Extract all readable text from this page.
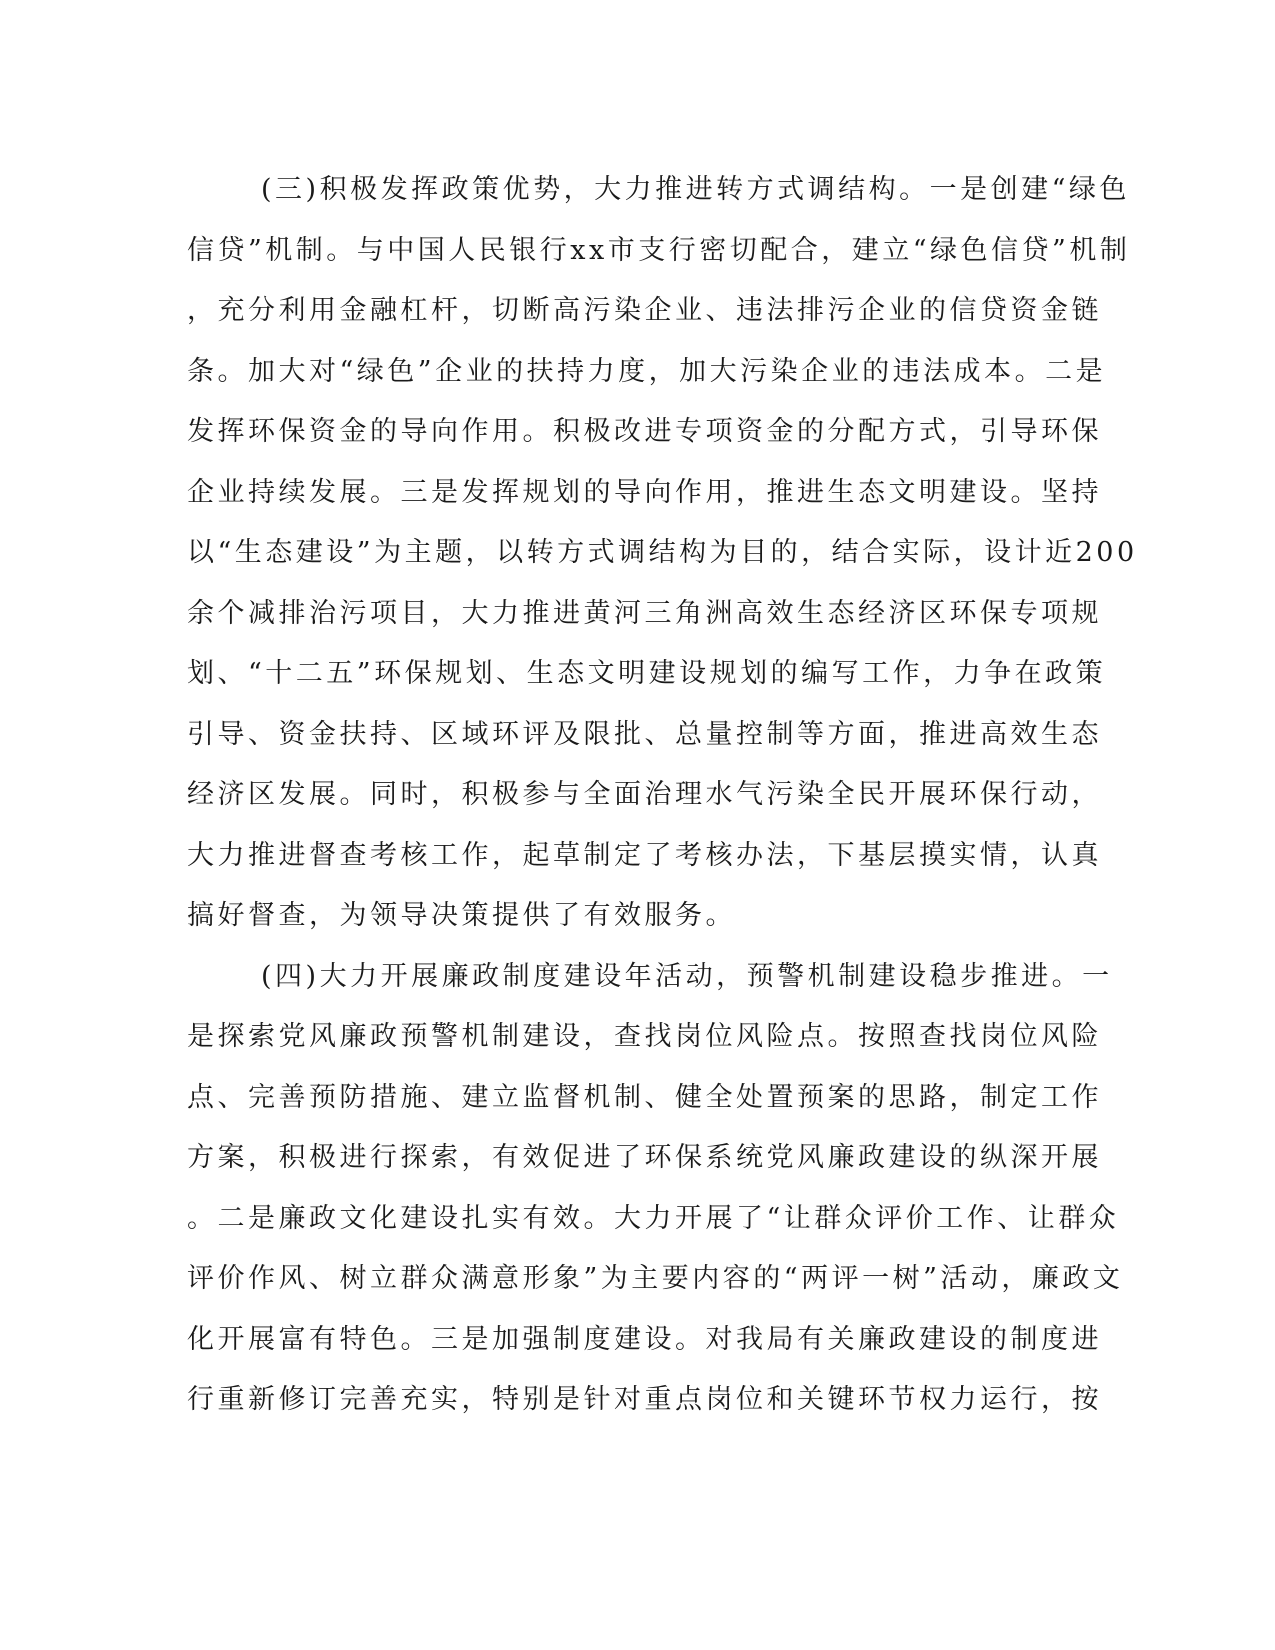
(三)积极发挥政策优势，大力推进转方式调结构。一是创建“绿色
信贷”机制。与中国人民银行xx市支行密切配合，建立“绿色信贷”机制
，充分利用金融杠杆，切断高污染企业、违法排污企业的信贷资金链
条。加大对“绿色”企业的扶持力度，加大污染企业的违法成本。二是
发挥环保资金的导向作用。积极改进专项资金的分配方式，引导环保
企业持续发展。三是发挥规划的导向作用，推进生态文明建设。坚持
以“生态建设”为主题，以转方式调结构为目的，结合实际，设计近200
余个减排治污项目，大力推进黄河三角洲高效生态经济区环保专项规
划、“十二五”环保规划、生态文明建设规划的编写工作，力争在政策
引导、资金扶持、区域环评及限批、总量控制等方面，推进高效生态
经济区发展。同时，积极参与全面治理水气污染全民开展环保行动，
大力推进督查考核工作，起草制定了考核办法，下基层摸实情，认真
搞好督查，为领导决策提供了有效服务。
(四)大力开展廉政制度建设年活动，预警机制建设稳步推进。一
是探索党风廉政预警机制建设，查找岗位风险点。按照查找岗位风险
点、完善预防措施、建立监督机制、健全处置预案的思路，制定工作
方案，积极进行探索，有效促进了环保系统党风廉政建设的纵深开展
。二是廉政文化建设扎实有效。大力开展了“让群众评价工作、让群众
评价作风、树立群众满意形象”为主要内容的“两评一树”活动，廉政文
化开展富有特色。三是加强制度建设。对我局有关廉政建设的制度进
行重新修订完善充实，特别是针对重点岗位和关键环节权力运行，按
